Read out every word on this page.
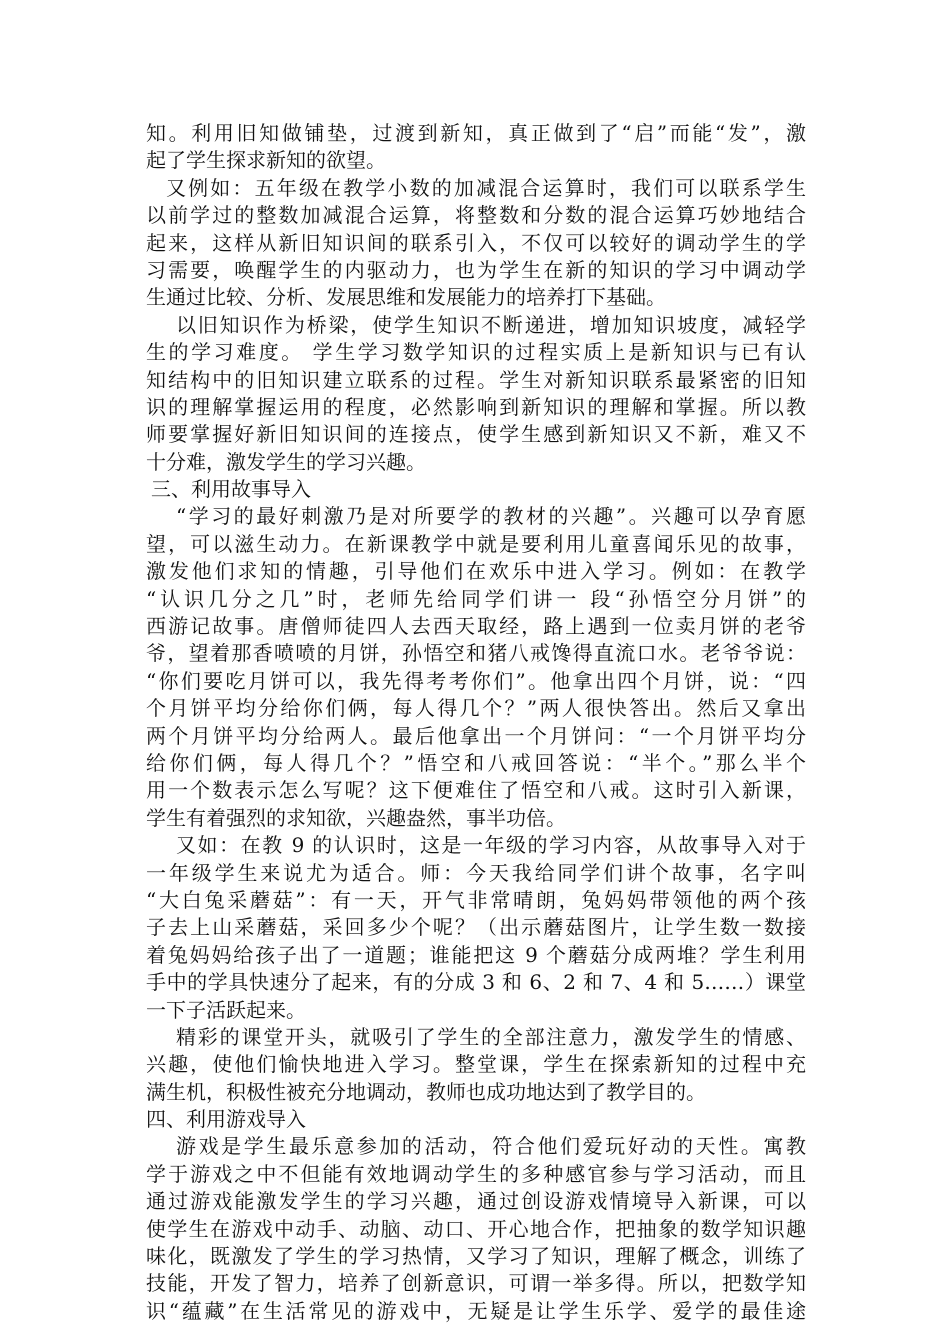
知。利用旧知做铺垫，过渡到新知，真正做到了“启”而能“发”，激
起了学生探求新知的欲望。
又例如：五年级在教学小数的加减混合运算时，我们可以联系学生
以前学过的整数加减混合运算，将整数和分数的混合运算巧妙地结合
起来，这样从新旧知识间的联系引入，不仅可以较好的调动学生的学
习需要，唤醒学生的内驱动力，也为学生在新的知识的学习中调动学
生通过比较、分析、发展思维和发展能力的培养打下基础。
以旧知识作为桥梁，使学生知识不断递进，增加知识坡度，减轻学
生的学习难度。 学生学习数学知识的过程实质上是新知识与已有认
知结构中的旧知识建立联系的过程。学生对新知识联系最紧密的旧知
识的理解掌握运用的程度，必然影响到新知识的理解和掌握。所以教
师要掌握好新旧知识间的连接点，使学生感到新知识又不新，难又不
十分难，激发学生的学习兴趣。
三、利用故事导入
“学习的最好刺激乃是对所要学的教材的兴趣”。兴趣可以孕育愿
望，可以滋生动力。在新课教学中就是要利用儿童喜闻乐见的故事，
激发他们求知的情趣，引导他们在欢乐中进入学习。例如：在教学
“认识几分之几”时，老师先给同学们讲一 段“孙悟空分月饼”的
西游记故事。唐僧师徒四人去西天取经，路上遇到一位卖月饼的老爷
爷，望着那香喷喷的月饼，孙悟空和猪八戒馋得直流口水。老爷爷说：
“你们要吃月饼可以，我先得考考你们”。他拿出四个月饼，说：“四
个月饼平均分给你们俩，每人得几个？”两人很快答出。然后又拿出
两个月饼平均分给两人。最后他拿出一个月饼问：“一个月饼平均分
给你们俩，每人得几个？”悟空和八戒回答说：“半个。”那么半个
用一个数表示怎么写呢？这下便难住了悟空和八戒。这时引入新课，
学生有着强烈的求知欲，兴趣盎然，事半功倍。
又如：在教 9 的认识时，这是一年级的学习内容，从故事导入对于
一年级学生来说尤为适合。师：今天我给同学们讲个故事，名字叫
“大白兔采蘑菇”：有一天，开气非常晴朗，兔妈妈带领他的两个孩
子去上山采蘑菇，采回多少个呢？（出示蘑菇图片，让学生数一数接
着兔妈妈给孩子出了一道题；谁能把这 9 个蘑菇分成两堆？学生利用
手中的学具快速分了起来，有的分成 3 和 6、2 和 7、4 和 5……）课堂
一下子活跃起来。
精彩的课堂开头，就吸引了学生的全部注意力，激发学生的情感、
兴趣，使他们愉快地进入学习。整堂课，学生在探索新知的过程中充
满生机，积极性被充分地调动，教师也成功地达到了教学目的。
四、利用游戏导入
游戏是学生最乐意参加的活动，符合他们爱玩好动的天性。寓教
学于游戏之中不但能有效地调动学生的多种感官参与学习活动，而且
通过游戏能激发学生的学习兴趣，通过创设游戏情境导入新课，可以
使学生在游戏中动手、动脑、动口、开心地合作，把抽象的数学知识趣
味化，既激发了学生的学习热情，又学习了知识，理解了概念，训练了
技能，开发了智力，培养了创新意识，可谓一举多得。所以，把数学知
识“蕴藏”在生活常见的游戏中，无疑是让学生乐学、爱学的最佳途
